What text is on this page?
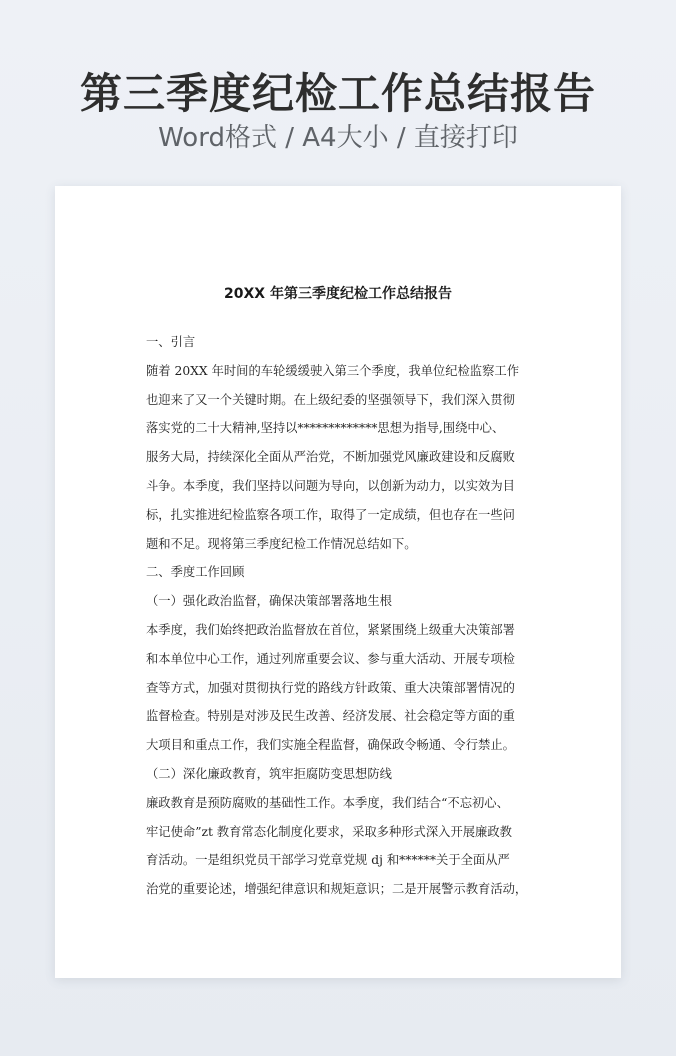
第三季度纪检工作总结报告
Word格式 / A4大小 / 直接打印
20XX 年第三季度纪检工作总结报告
一、引言
随着 20XX 年时间的车轮缓缓驶入第三个季度，我单位纪检监察工作
也迎来了又一个关键时期。在上级纪委的坚强领导下，我们深入贯彻
落实党的二十大精神,坚持以*************思想为指导,围绕中心、
服务大局，持续深化全面从严治党，不断加强党风廉政建设和反腐败
斗争。本季度，我们坚持以问题为导向，以创新为动力，以实效为目
标，扎实推进纪检监察各项工作，取得了一定成绩，但也存在一些问
题和不足。现将第三季度纪检工作情况总结如下。
二、季度工作回顾
（一）强化政治监督，确保决策部署落地生根
本季度，我们始终把政治监督放在首位，紧紧围绕上级重大决策部署
和本单位中心工作，通过列席重要会议、参与重大活动、开展专项检
查等方式，加强对贯彻执行党的路线方针政策、重大决策部署情况的
监督检查。特别是对涉及民生改善、经济发展、社会稳定等方面的重
大项目和重点工作，我们实施全程监督，确保政令畅通、令行禁止。
（二）深化廉政教育，筑牢拒腐防变思想防线
廉政教育是预防腐败的基础性工作。本季度，我们结合“不忘初心、
牢记使命”zt 教育常态化制度化要求，采取多种形式深入开展廉政教
育活动。一是组织党员干部学习党章党规 dj 和******关于全面从严
治党的重要论述，增强纪律意识和规矩意识；二是开展警示教育活动，
